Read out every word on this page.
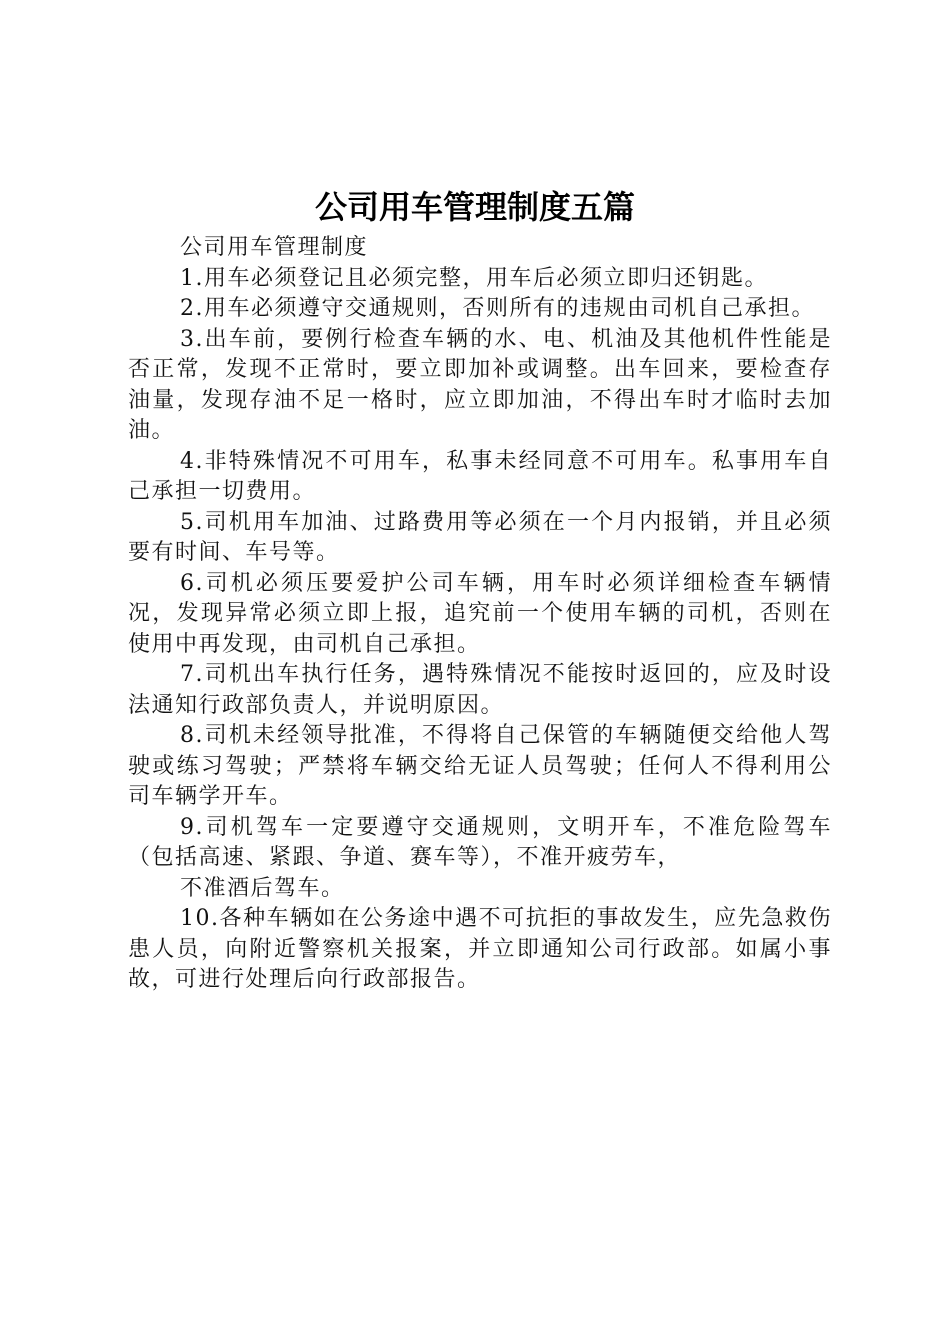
公司用车管理制度五篇

公司用车管理制度

1.用车必须登记且必须完整，用车后必须立即归还钥匙。

2.用车必须遵守交通规则，否则所有的违规由司机自己承担。

3.出车前，要例行检查车辆的水、电、机油及其他机件性能是否正常，发现不正常时，要立即加补或调整。出车回来，要检查存油量，发现存油不足一格时，应立即加油，不得出车时才临时去加油。

4.非特殊情况不可用车，私事未经同意不可用车。私事用车自己承担一切费用。

5.司机用车加油、过路费用等必须在一个月内报销，并且必须要有时间、车号等。

6.司机必须压要爱护公司车辆，用车时必须详细检查车辆情况，发现异常必须立即上报，追究前一个使用车辆的司机，否则在使用中再发现，由司机自己承担。

7.司机出车执行任务，遇特殊情况不能按时返回的，应及时设法通知行政部负责人，并说明原因。

8.司机未经领导批准，不得将自己保管的车辆随便交给他人驾驶或练习驾驶；严禁将车辆交给无证人员驾驶；任何人不得利用公司车辆学开车。

9.司机驾车一定要遵守交通规则，文明开车，不准危险驾车（包括高速、紧跟、争道、赛车等），不准开疲劳车，

不准酒后驾车。

10.各种车辆如在公务途中遇不可抗拒的事故发生，应先急救伤患人员，向附近警察机关报案，并立即通知公司行政部。如属小事故，可进行处理后向行政部报告。
